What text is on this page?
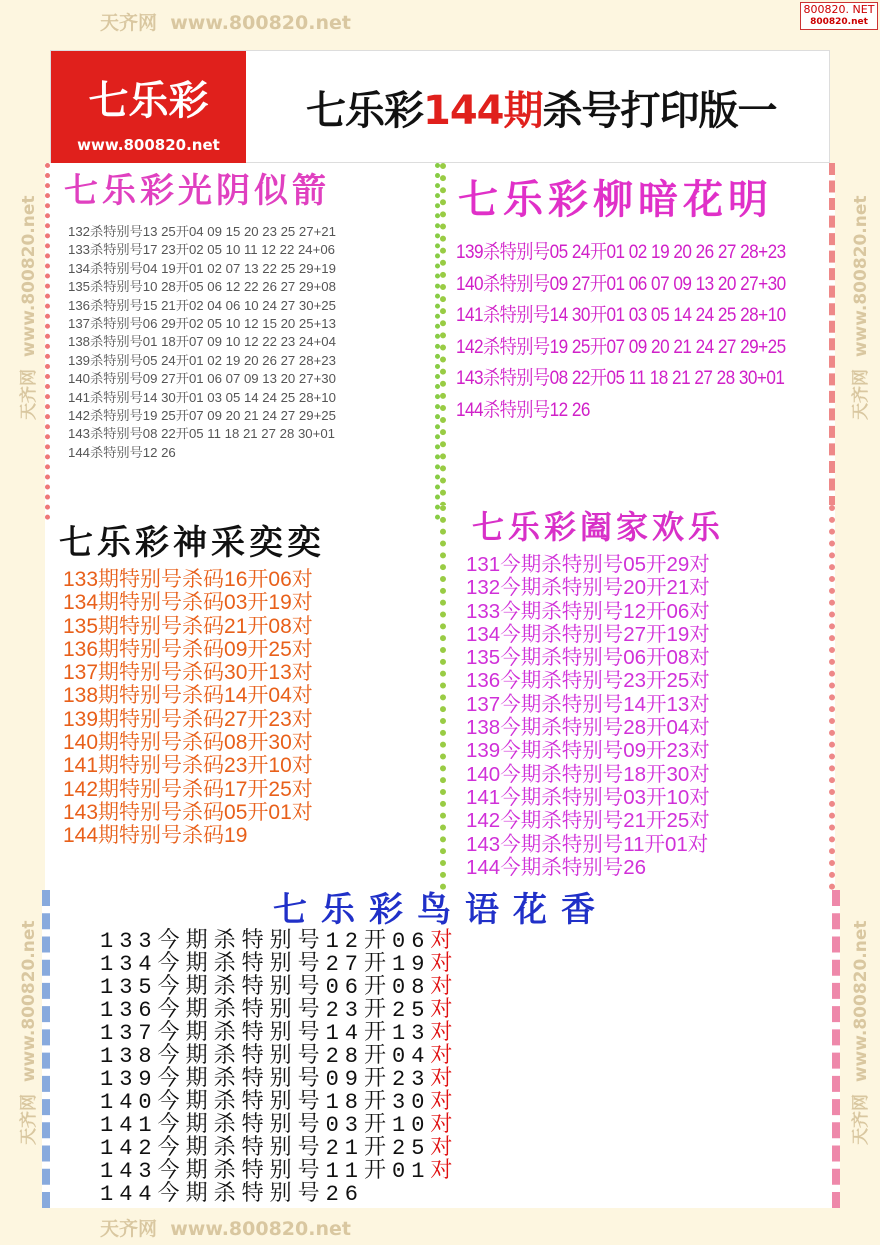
天齐网 www.800820.net
天齐网 www.800820.net
天齐网  www.800820.net
天齐网  www.800820.net
天齐网  www.800820.net
天齐网  www.800820.net
800820. NET
800820.net
七乐彩
www.800820.net
七乐彩144期杀号打印版一
七乐彩光阴似箭
132杀特别号13 25开04 09 15 20 23 25 27+21
133杀特别号17 23开02 05 10 11 12 22 24+06
134杀特别号04 19开01 02 07 13 22 25 29+19
135杀特别号10 28开05 06 12 22 26 27 29+08
136杀特别号15 21开02 04 06 10 24 27 30+25
137杀特别号06 29开02 05 10 12 15 20 25+13
138杀特别号01 18开07 09 10 12 22 23 24+04
139杀特别号05 24开01 02 19 20 26 27 28+23
140杀特别号09 27开01 06 07 09 13 20 27+30
141杀特别号14 30开01 03 05 14 24 25 28+10
142杀特别号19 25开07 09 20 21 24 27 29+25
143杀特别号08 22开05 11 18 21 27 28 30+01
144杀特别号12 26
七乐彩柳暗花明
139杀特别号05 24开01 02 19 20 26 27 28+23
140杀特别号09 27开01 06 07 09 13 20 27+30
141杀特别号14 30开01 03 05 14 24 25 28+10
142杀特别号19 25开07 09 20 21 24 27 29+25
143杀特别号08 22开05 11 18 21 27 28 30+01
144杀特别号12 26
七乐彩神采奕奕
133期特别号杀码16开06对
134期特别号杀码03开19对
135期特别号杀码21开08对
136期特别号杀码09开25对
137期特别号杀码30开13对
138期特别号杀码14开04对
139期特别号杀码27开23对
140期特别号杀码08开30对
141期特别号杀码23开10对
142期特别号杀码17开25对
143期特别号杀码05开01对
144期特别号杀码19
七乐彩阖家欢乐
131今期杀特别号05开29对
132今期杀特别号20开21对
133今期杀特别号12开06对
134今期杀特别号27开19对
135今期杀特别号06开08对
136今期杀特别号23开25对
137今期杀特别号14开13对
138今期杀特别号28开04对
139今期杀特别号09开23对
140今期杀特别号18开30对
141今期杀特别号03开10对
142今期杀特别号21开25对
143今期杀特别号11开01对
144今期杀特别号26
七乐彩鸟语花香
133今期杀特别号12开06对
134今期杀特别号27开19对
135今期杀特别号06开08对
136今期杀特别号23开25对
137今期杀特别号14开13对
138今期杀特别号28开04对
139今期杀特别号09开23对
140今期杀特别号18开30对
141今期杀特别号03开10对
142今期杀特别号21开25对
143今期杀特别号11开01对
144今期杀特别号26
